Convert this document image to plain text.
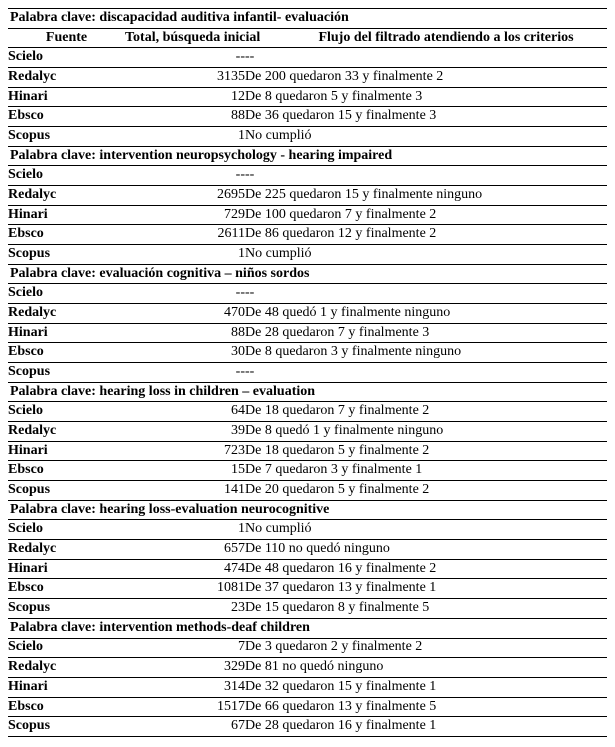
Palabra clave: discapacidad auditiva infantil- evaluación		
Fuente	Total, búsqueda inicial	Flujo del filtrado atendiendo a los criterios
Scielo	--	--
Redalyc	3135	De 200 quedaron 33 y finalmente 2
Hinari	12	De 8 quedaron 5 y finalmente 3
Ebsco	88	De 36 quedaron 15 y finalmente 3
Scopus	1	No cumplió
Palabra clave: intervention neuropsychology - hearing impaired		
Scielo	--	--
Redalyc	2695	De 225 quedaron 15 y finalmente ninguno
Hinari	729	De 100 quedaron 7 y finalmente 2
Ebsco	2611	De 86 quedaron 12 y finalmente 2
Scopus	1	No cumplió
Palabra clave: evaluación cognitiva – niños sordos		
Scielo	--	--
Redalyc	470	De 48 quedó 1 y finalmente ninguno
Hinari	88	De 28 quedaron 7 y finalmente 3
Ebsco	30	De 8 quedaron 3 y finalmente ninguno
Scopus	--	--
Palabra clave: hearing loss in children – evaluation		
Scielo	64	De 18 quedaron 7 y finalmente 2
Redalyc	39	De 8 quedó 1 y finalmente ninguno
Hinari	723	De 18 quedaron 5 y finalmente 2
Ebsco	15	De 7 quedaron 3 y finalmente 1
Scopus	141	De 20 quedaron 5 y finalmente 2
Palabra clave: hearing loss-evaluation neurocognitive		
Scielo	1	No cumplió
Redalyc	657	De 110 no quedó ninguno
Hinari	474	De 48 quedaron 16 y finalmente 2
Ebsco	1081	De 37 quedaron 13 y finalmente 1
Scopus	23	De 15 quedaron 8 y finalmente 5
Palabra clave: intervention methods-deaf children		
Scielo	7	De 3 quedaron 2 y finalmente 2
Redalyc	329	De 81 no quedó ninguno
Hinari	314	De 32 quedaron 15 y finalmente 1
Ebsco	1517	De 66 quedaron 13 y finalmente 5
Scopus	67	De 28 quedaron 16 y finalmente 1
